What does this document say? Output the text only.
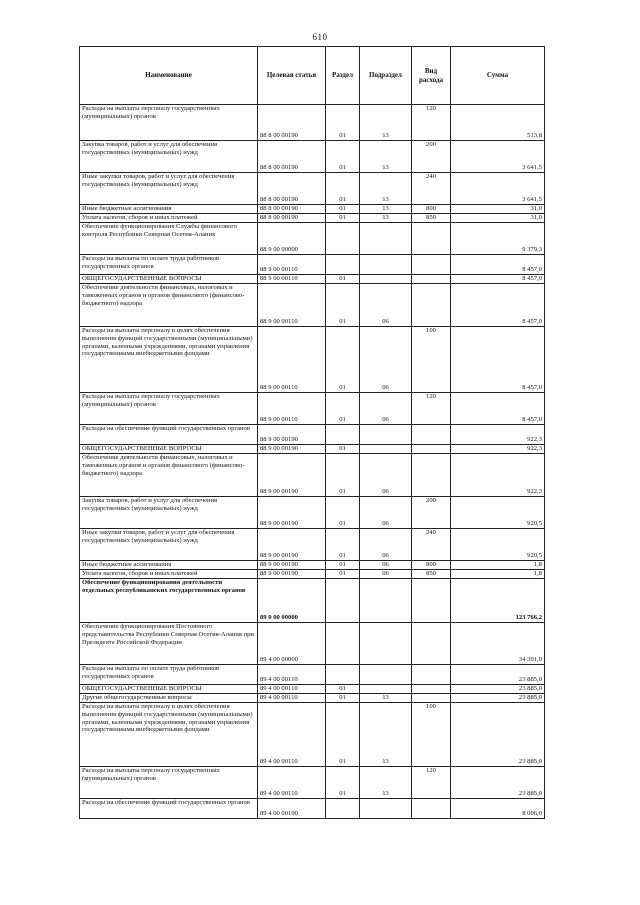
610
Наименование	Целевая статья	Раздел	Подраздел	Вид расхода	Сумма
Расходы на выплаты персоналу государственных (муниципальных) органов	88 8 00 00190	01	13	120	513,8
Закупка товаров, работ и услуг для обеспечения государственных (муниципальных) нужд	88 8 00 00190	01	13	200	3 641,5
Иные закупки товаров, работ и услуг для обеспечения государственных (муниципальных) нужд	88 8 00 00190	01	13	240	3 641,5
Иные бюджетные ассигнования	88 8 00 00190	01	13	800	31,0
Уплата налогов, сборов и иных платежей	88 8 00 00190	01	13	850	31,0
Обеспечение функционирования Службы финансового контроля Республики Северная Осетия-Алания	88 9 00 00000				9 379,3
Расходы на выплаты по оплате труда работников государственных органов	88 9 00 00110				8 457,0
ОБЩЕГОСУДАРСТВЕННЫЕ ВОПРОСЫ	88 9 00 00110	01			8 457,0
Обеспечение деятельности финансовых, налоговых и таможенных органов и органов финансового (финансово-бюджетного) надзора	88 9 00 00110	01	06		8 457,0
Расходы на выплаты персоналу в целях обеспечения выполнения функций государственными (муниципальными) органами, казенными учреждениями, органами управления государственными внебюджетными фондами	88 9 00 00110	01	06	100	8 457,0
Расходы на выплаты персоналу государственных (муниципальных) органов	88 9 00 00110	01	06	120	8 457,0
Расходы на обеспечение функций государственных органов	88 9 00 00190				922,3
ОБЩЕГОСУДАРСТВЕННЫЕ ВОПРОСЫ	88 9 00 00190	01			922,3
Обеспечение деятельности финансовых, налоговых и таможенных органов и органов финансового (финансово-бюджетного) надзора	88 9 00 00190	01	06		922,3
Закупка товаров, работ и услуг для обеспечения государственных (муниципальных) нужд	88 9 00 00190	01	06	200	920,5
Иные закупки товаров, работ и услуг для обеспечения государственных (муниципальных) нужд	88 9 00 00190	01	06	240	920,5
Иные бюджетные ассигнования	88 9 00 00190	01	06	800	1,8
Уплата налогов, сборов и иных платежей	88 9 00 00190	01	06	850	1,8
Обеспечение функционирования деятельности отдельных республиканских государственных органов	89 0 00 00000				123 766,2
Обеспечение функционирования Постоянного представительства Республики Северная Осетия-Алания при Президенте Российской Федерации	89 4 00 00000				34 391,0
Расходы на выплаты по оплате труда работников государственных органов	89 4 00 00110				23 885,0
ОБЩЕГОСУДАРСТВЕННЫЕ ВОПРОСЫ	89 4 00 00110	01			23 885,0
Другие общегосударственные вопросы	89 4 00 00110	01	13		23 885,0
Расходы на выплаты персоналу в целях обеспечения выполнения функций государственными (муниципальными) органами, казенными учреждениями, органами управления государственными внебюджетными фондами	89 4 00 00110	01	13	100	23 885,0
Расходы на выплаты персоналу государственных (муниципальных) органов	89 4 00 00110	01	13	120	23 885,0
Расходы на обеспечение функций государственных органов	89 4 00 00190				8 006,0
